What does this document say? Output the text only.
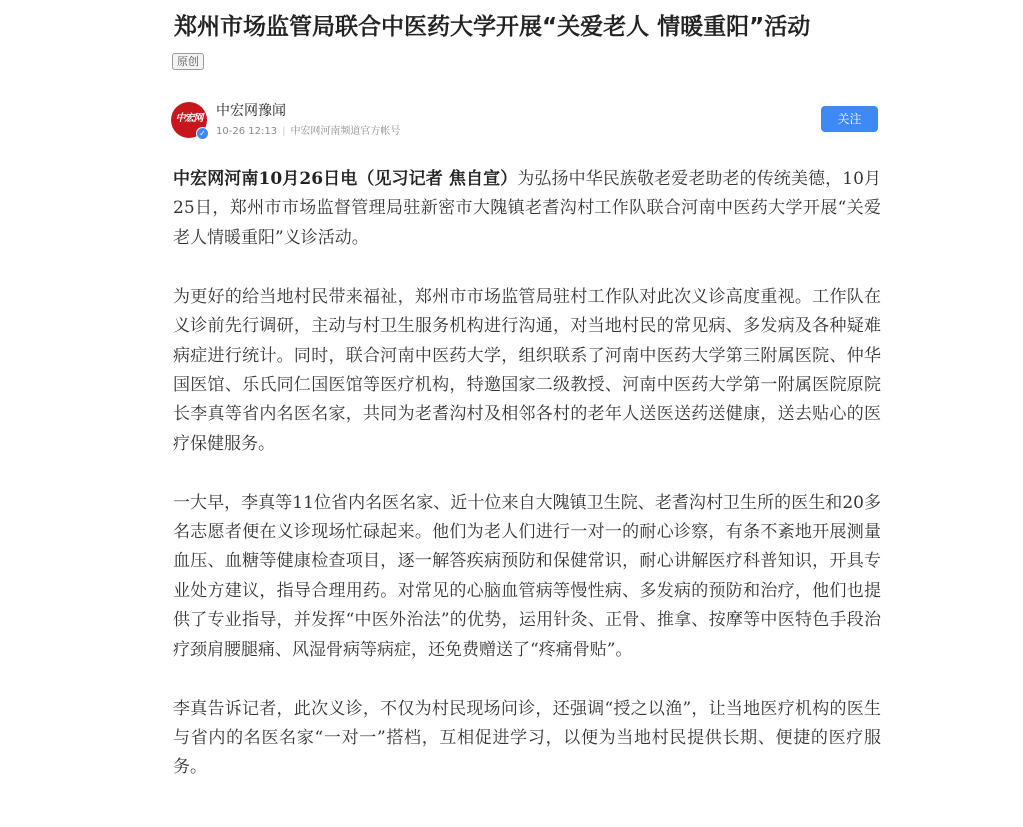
郑州市场监管局联合中医药大学开展“关爱老人 情暖重阳”活动
原创
中宏网
✓
中宏网豫闻
10-26 12:13 | 中宏网河南频道官方帐号
关注

中宏网河南10月26日电（见习记者 焦自宣）为弘扬中华民族敬老爱老助老的传统美德，10月25日，郑州市市场监督管理局驻新密市大隗镇老耆沟村工作队联合河南中医药大学开展“关爱老人情暖重阳”义诊活动。

为更好的给当地村民带来福祉，郑州市市场监管局驻村工作队对此次义诊高度重视。工作队在义诊前先行调研，主动与村卫生服务机构进行沟通，对当地村民的常见病、多发病及各种疑难病症进行统计。同时，联合河南中医药大学，组织联系了河南中医药大学第三附属医院、仲华国医馆、乐氏同仁国医馆等医疗机构，特邀国家二级教授、河南中医药大学第一附属医院原院长李真等省内名医名家，共同为老耆沟村及相邻各村的老年人送医送药送健康，送去贴心的医疗保健服务。

一大早，李真等11位省内名医名家、近十位来自大隗镇卫生院、老耆沟村卫生所的医生和20多名志愿者便在义诊现场忙碌起来。他们为老人们进行一对一的耐心诊察，有条不紊地开展测量血压、血糖等健康检查项目，逐一解答疾病预防和保健常识，耐心讲解医疗科普知识，开具专业处方建议，指导合理用药。对常见的心脑血管病等慢性病、多发病的预防和治疗，他们也提供了专业指导，并发挥“中医外治法”的优势，运用针灸、正骨、推拿、按摩等中医特色手段治疗颈肩腰腿痛、风湿骨病等病症，还免费赠送了“疼痛骨贴”。

李真告诉记者，此次义诊，不仅为村民现场问诊，还强调“授之以渔”，让当地医疗机构的医生与省内的名医名家“一对一”搭档，互相促进学习，以便为当地村民提供长期、便捷的医疗服务。
